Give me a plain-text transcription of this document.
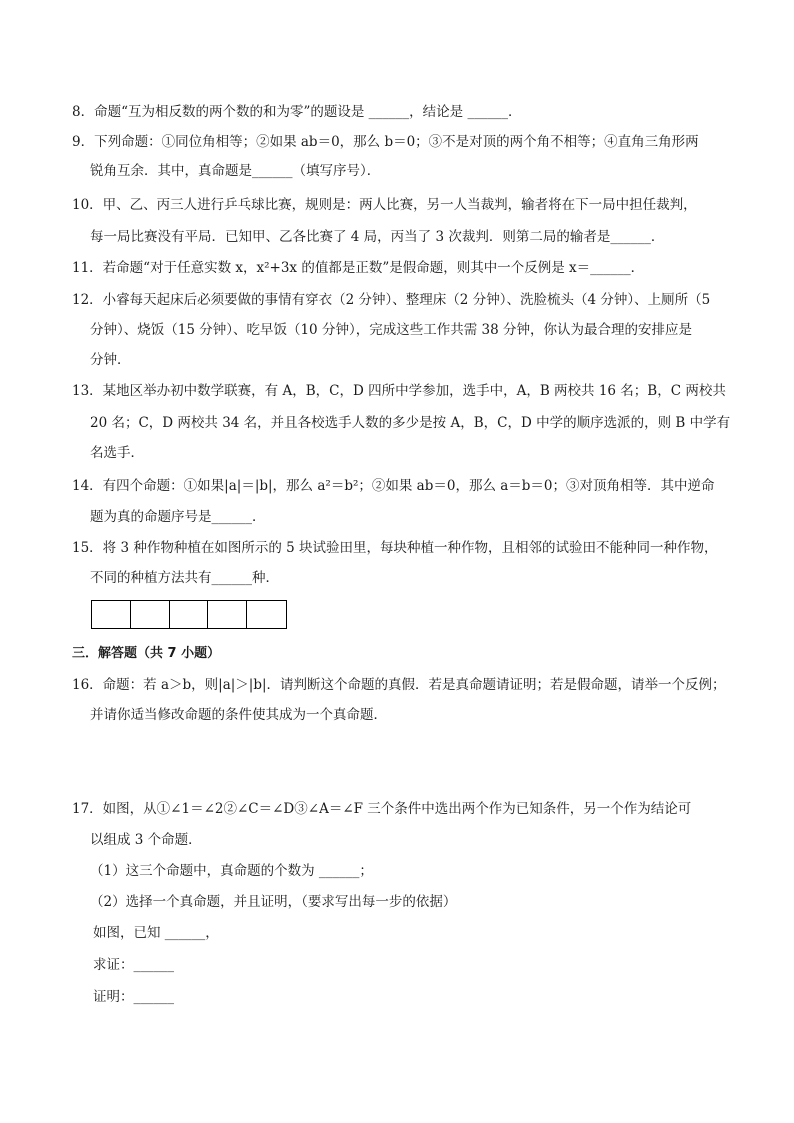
8．命题“互为相反数的两个数的和为零”的题设是 ______，结论是 ______．
9．下列命题：①同位角相等；②如果 ab＝0，那么 b＝0；③不是对顶的两个角不相等；④直角三角形两
锐角互余．其中，真命题是______（填写序号）．
10．甲、乙、丙三人进行乒乓球比赛，规则是：两人比赛，另一人当裁判，输者将在下一局中担任裁判，
每一局比赛没有平局．已知甲、乙各比赛了 4 局，丙当了 3 次裁判．则第二局的输者是______．
11．若命题“对于任意实数 x，x²+3x 的值都是正数”是假命题，则其中一个反例是 x＝______．
12．小睿每天起床后必须要做的事情有穿衣（2 分钟）、整理床（2 分钟）、洗脸梳头（4 分钟）、上厕所（5
分钟）、烧饭（15 分钟）、吃早饭（10 分钟），完成这些工作共需 38 分钟，你认为最合理的安排应是
分钟．
13．某地区举办初中数学联赛，有 A，B，C，D 四所中学参加，选手中，A，B 两校共 16 名；B，C 两校共
20 名；C，D 两校共 34 名，并且各校选手人数的多少是按 A，B，C，D 中学的顺序选派的，则 B 中学有
名选手．
14．有四个命题：①如果|a|＝|b|，那么 a²＝b²；②如果 ab＝0，那么 a＝b＝0；③对顶角相等．其中逆命
题为真的命题序号是______．
15．将 3 种作物种植在如图所示的 5 块试验田里，每块种植一种作物，且相邻的试验田不能种同一种作物，
不同的种植方法共有______种．
三．解答题（共 7 小题）
16．命题：若 a＞b，则|a|＞|b|．请判断这个命题的真假．若是真命题请证明；若是假命题，请举一个反例；
并请你适当修改命题的条件使其成为一个真命题．
17．如图，从①∠1＝∠2②∠C＝∠D③∠A＝∠F 三个条件中选出两个作为已知条件，另一个作为结论可
以组成 3 个命题．
（1）这三个命题中，真命题的个数为 ______；
（2）选择一个真命题，并且证明，（要求写出每一步的依据）
如图，已知 ______，
求证：______
证明：______
